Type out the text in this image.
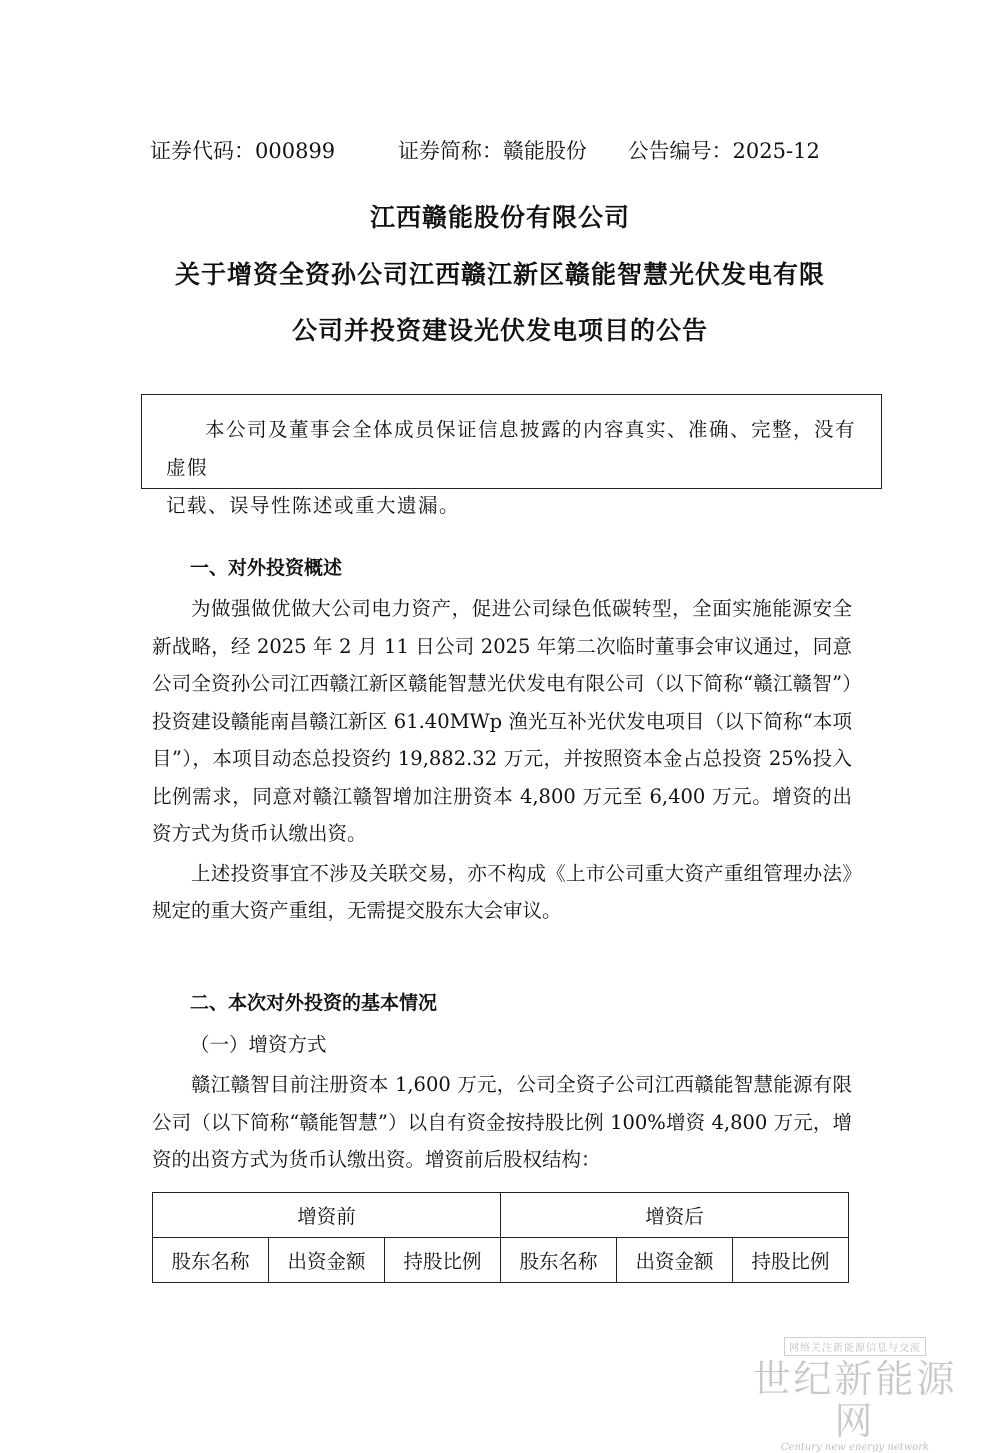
证券代码：000899	证券简称：赣能股份 公告编号：2025-12
江西赣能股份有限公司
关于增资全资孙公司江西赣江新区赣能智慧光伏发电有限
公司并投资建设光伏发电项目的公告
本公司及董事会全体成员保证信息披露的内容真实、准确、完整，没有虚假
记载、误导性陈述或重大遗漏。
一、对外投资概述

为做强做优做大公司电力资产，促进公司绿色低碳转型，全面实施能源安全新战略，经 2025 年 2 月 11 日公司 2025 年第二次临时董事会审议通过，同意公司全资孙公司江西赣江新区赣能智慧光伏发电有限公司（以下简称“赣江赣智”）投资建设赣能南昌赣江新区 61.40MWp 渔光互补光伏发电项目（以下简称“本项目”），本项目动态总投资约 19,882.32 万元，并按照资本金占总投资 25%投入比例需求，同意对赣江赣智增加注册资本 4,800 万元至 6,400 万元。增资的出资方式为货币认缴出资。

上述投资事宜不涉及关联交易，亦不构成《上市公司重大资产重组管理办法》规定的重大资产重组，无需提交股东大会审议。

二、本次对外投资的基本情况
（一）增资方式

赣江赣智目前注册资本 1,600 万元，公司全资子公司江西赣能智慧能源有限公司（以下简称“赣能智慧”）以自有资金按持股比例 100%增资 4,800 万元，增资的出资方式为货币认缴出资。增资前后股权结构：

增资前			增资后		
股东名称	出资金额	持股比例	股东名称	出资金额	持股比例
网络关注新能源信息与交流
世纪新能源网
Century new energy network
